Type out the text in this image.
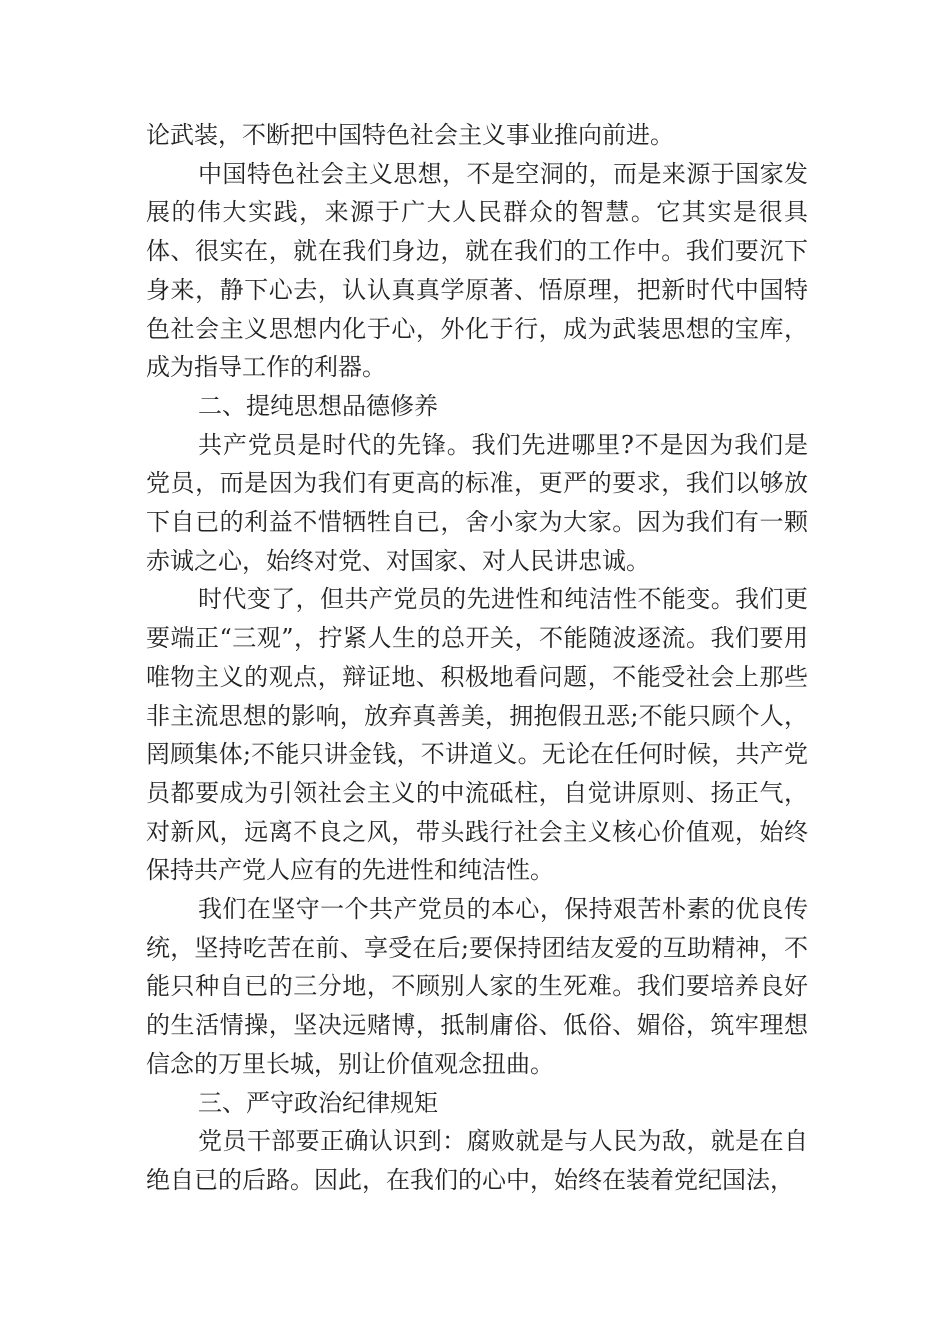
论武装，不断把中国特色社会主义事业推向前进。

中国特色社会主义思想，不是空洞的，而是来源于国家发展的伟大实践，来源于广大人民群众的智慧。它其实是很具体、很实在，就在我们身边，就在我们的工作中。我们要沉下身来，静下心去，认认真真学原著、悟原理，把新时代中国特色社会主义思想内化于心，外化于行，成为武装思想的宝库，成为指导工作的利器。

二、提纯思想品德修养

共产党员是时代的先锋。我们先进哪里?不是因为我们是党员，而是因为我们有更高的标准，更严的要求，我们以够放下自已的利益不惜牺牲自已，舍小家为大家。因为我们有一颗赤诚之心，始终对党、对国家、对人民讲忠诚。

时代变了，但共产党员的先进性和纯洁性不能变。我们更要端正“三观”，拧紧人生的总开关，不能随波逐流。我们要用唯物主义的观点，辩证地、积极地看问题，不能受社会上那些非主流思想的影响，放弃真善美，拥抱假丑恶;不能只顾个人，罔顾集体;不能只讲金钱，不讲道义。无论在任何时候，共产党员都要成为引领社会主义的中流砥柱，自觉讲原则、扬正气，对新风，远离不良之风，带头践行社会主义核心价值观，始终保持共产党人应有的先进性和纯洁性。

我们在坚守一个共产党员的本心，保持艰苦朴素的优良传统，坚持吃苦在前、享受在后;要保持团结友爱的互助精神，不能只种自已的三分地，不顾别人家的生死难。我们要培养良好的生活情操，坚决远赌博，抵制庸俗、低俗、媚俗，筑牢理想信念的万里长城，别让价值观念扭曲。

三、严守政治纪律规矩

党员干部要正确认识到：腐败就是与人民为敌，就是在自绝自已的后路。因此，在我们的心中，始终在装着党纪国法，
